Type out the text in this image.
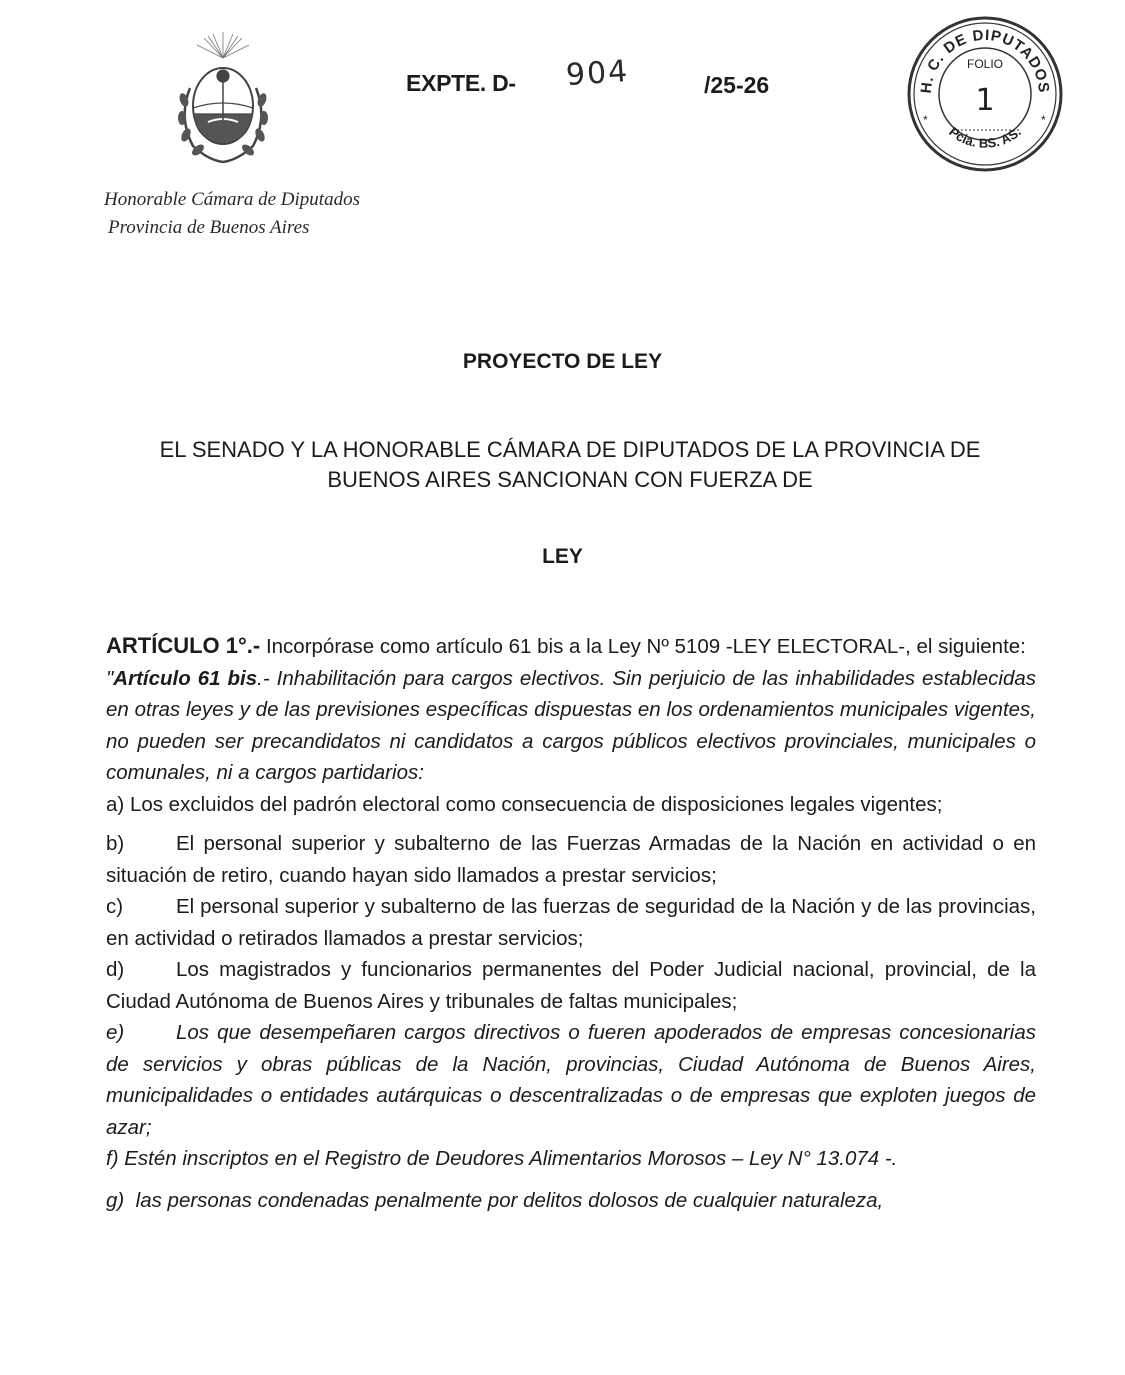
Honorable Cámara de Diputados
Provincia de Buenos Aires
EXPTE. D- 904	/25-26	H. C. DE DIPUTADOS
Pcia. BS. AS.
FOLIO
1
*	*
PROYECTO DE LEY
EL SENADO Y LA HONORABLE CÁMARA DE DIPUTADOS DE LA PROVINCIA DE
BUENOS AIRES SANCIONAN CON FUERZA DE
LEY

ARTÍCULO 1°.- Incorpórase como artículo 61 bis a la Ley Nº 5109 -LEY ELECTORAL-, el siguiente:

"Artículo 61 bis.- Inhabilitación para cargos electivos. Sin perjuicio de las inhabilidades establecidas en otras leyes y de las previsiones específicas dispuestas en los ordenamientos municipales vigentes, no pueden ser precandidatos ni candidatos a cargos públicos electivos provinciales, municipales o comunales, ni a cargos partidarios:

a) Los excluidos del padrón electoral como consecuencia de disposiciones legales vigentes;

b)	El personal superior y subalterno de las Fuerzas Armadas de la Nación en actividad o en situación de retiro, cuando hayan sido llamados a prestar servicios;

c)	El personal superior y subalterno de las fuerzas de seguridad de la Nación y de las provincias, en actividad o retirados llamados a prestar servicios;

d)	Los magistrados y funcionarios permanentes del Poder Judicial nacional, provincial, de la Ciudad Autónoma de Buenos Aires y tribunales de faltas municipales;

e)	Los que desempeñaren cargos directivos o fueren apoderados de empresas concesionarias de servicios y obras públicas de la Nación, provincias, Ciudad Autónoma de Buenos Aires, municipalidades o entidades autárquicas o descentralizadas o de empresas que exploten juegos de azar;

f) Estén inscriptos en el Registro de Deudores Alimentarios Morosos – Ley N° 13.074 -.

g) las personas condenadas penalmente por delitos dolosos de cualquier naturaleza,
